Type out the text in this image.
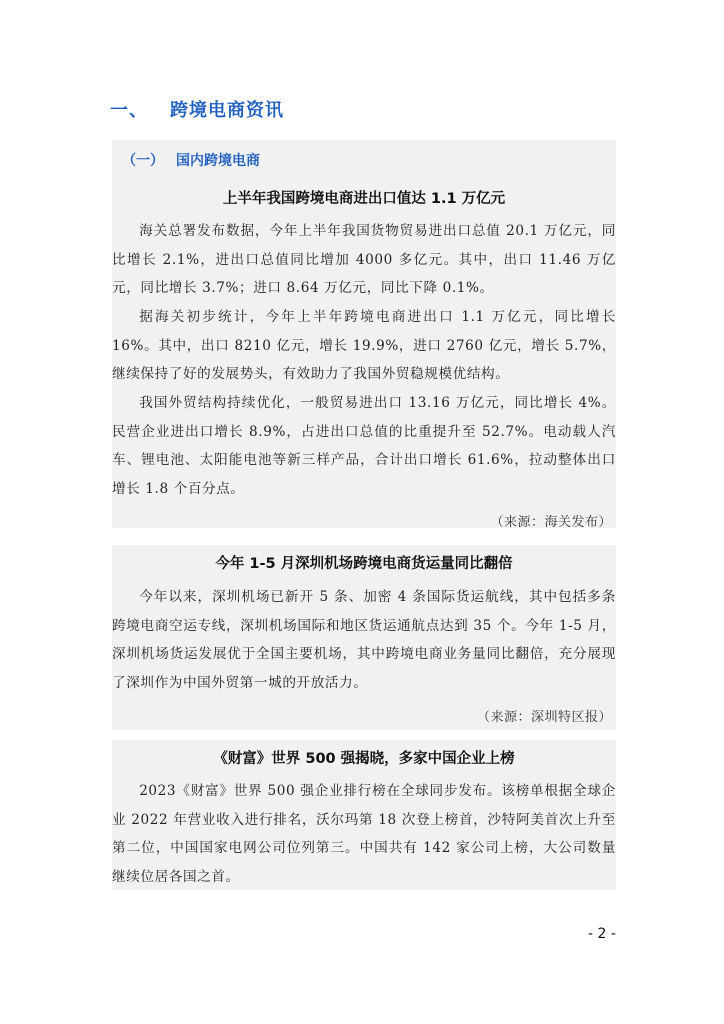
一、 跨境电商资讯
（一） 国内跨境电商
上半年我国跨境电商进出口值达 1.1 万亿元

海关总署发布数据，今年上半年我国货物贸易进出口总值 20.1 万亿元，同比增长 2.1%，进出口总值同比增加 4000 多亿元。其中，出口 11.46 万亿元，同比增长 3.7%；进口 8.64 万亿元，同比下降 0.1%。

据海关初步统计，今年上半年跨境电商进出口 1.1 万亿元，同比增长 16%。其中，出口 8210 亿元，增长 19.9%，进口 2760 亿元，增长 5.7%，继续保持了好的发展势头，有效助力了我国外贸稳规模优结构。

我国外贸结构持续优化，一般贸易进出口 13.16 万亿元，同比增长 4%。民营企业进出口增长 8.9%，占进出口总值的比重提升至 52.7%。电动载人汽车、锂电池、太阳能电池等新三样产品，合计出口增长 61.6%，拉动整体出口增长 1.8 个百分点。

（来源：海关发布）
今年 1-5 月深圳机场跨境电商货运量同比翻倍

今年以来，深圳机场已新开 5 条、加密 4 条国际货运航线，其中包括多条跨境电商空运专线，深圳机场国际和地区货运通航点达到 35 个。今年 1-5 月，深圳机场货运发展优于全国主要机场，其中跨境电商业务量同比翻倍，充分展现了深圳作为中国外贸第一城的开放活力。

（来源：深圳特区报）
《财富》世界 500 强揭晓，多家中国企业上榜

2023《财富》世界 500 强企业排行榜在全球同步发布。该榜单根据全球企业 2022 年营业收入进行排名，沃尔玛第 18 次登上榜首，沙特阿美首次上升至第二位，中国国家电网公司位列第三。中国共有 142 家公司上榜，大公司数量继续位居各国之首。

- 2 -
